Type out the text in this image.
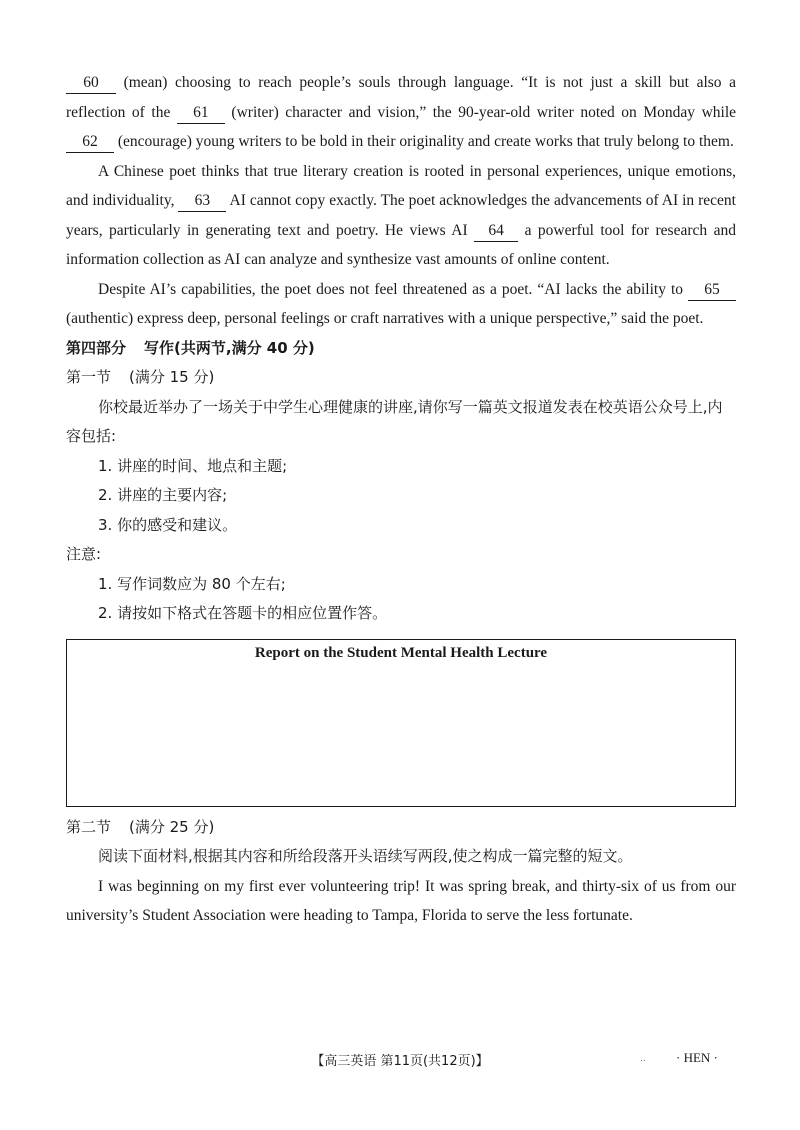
60 (mean) choosing to reach people’s souls through language. “It is not just a skill but also a reflection of the 61 (writer) character and vision,” the 90-year-old writer noted on Monday while 62 (encourage) young writers to be bold in their originality and create works that truly belong to them.

A Chinese poet thinks that true literary creation is rooted in personal experiences, unique emotions, and individuality, 63 AI cannot copy exactly. The poet acknowledges the advancements of AI in recent years, particularly in generating text and poetry. He views AI 64 a powerful tool for research and information collection as AI can analyze and synthesize vast amounts of online content.

Despite AI’s capabilities, the poet does not feel threatened as a poet. “AI lacks the ability to 65 (authentic) express deep, personal feelings or craft narratives with a unique perspective,” said the poet.

第四部分 写作(共两节,满分 40 分)

第一节 (满分 15 分)

你校最近举办了一场关于中学生心理健康的讲座,请你写一篇英文报道发表在校英语公众号上,内容包括:

1. 讲座的时间、地点和主题;

2. 讲座的主要内容;

3. 你的感受和建议。

注意:

1. 写作词数应为 80 个左右;

2. 请按如下格式在答题卡的相应位置作答。

Report on the Student Mental Health Lecture

第二节 (满分 25 分)

阅读下面材料,根据其内容和所给段落开头语续写两段,使之构成一篇完整的短文。

I was beginning on my first ever volunteering trip! It was spring break, and thirty-six of us from our university’s Student Association were heading to Tampa, Florida to serve the less fortunate.

【高三英语 第11页(共12页)】	.. · HEN ·
